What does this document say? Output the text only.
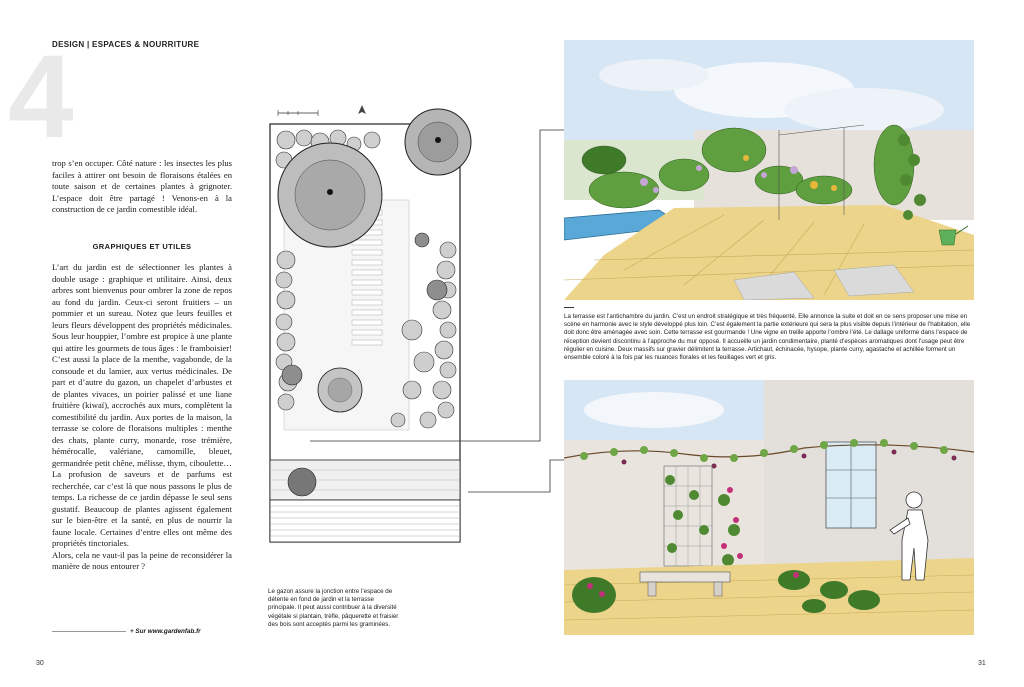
4
DESIGN | ESPACES & NOURRITURE

trop s’en occuper. Côté nature : les insectes les plus faciles à attirer ont besoin de floraisons étalées en toute saison et de certaines plantes à grignoter. L’espace doit être partagé ! Venons-en à la construction de ce jardin comestible idéal.

GRAPHIQUES ET UTILES

L’art du jardin est de sélectionner les plantes à double usage : graphique et utilitaire. Ainsi, deux arbres sont bienvenus pour ombrer la zone de repos au fond du jardin. Ceux-ci seront fruitiers – un pommier et un sureau. Notez que leurs feuilles et leurs fleurs développent des propriétés médicinales. Sous leur houppier, l’ombre est propice à une plante qui attire les gourmets de tous âges : le framboisier! C’est aussi la place de la menthe, vagabonde, de la consoude et du lamier, aux vertus médicinales. De part et d’autre du gazon, un chapelet d’arbustes et de plantes vivaces, un poirier palissé et une liane fruitière (kiwaï), accrochés aux murs, complètent la comestibilité du jardin. Aux portes de la maison, la terrasse se colore de floraisons multiples : menthe des chats, plante curry, monarde, rose trémière, hémérocalle, valériane, camomille, bleuet, germandrée petit chêne, mélisse, thym, ciboulette… La profusion de saveurs et de parfums est recherchée, car c’est là que nous passons le plus de temps. La richesse de ce jardin dépasse le seul sens gustatif. Beaucoup de plantes agissent également sur le bien-être et la santé, en plus de nourrir la faune locale. Certaines d’entre elles ont même des propriétés tinctoriales.

Alors, cela ne vaut-il pas la peine de reconsidérer la manière de nous entourer ?

+ Sur www.gardenfab.fr
30
Le gazon assure la jonction entre l’espace de détente en fond de jardin et la terrasse principale. Il peut aussi contribuer à la diversité végétale si plantain, trèfle, pâquerette et fraisier des bois sont acceptés parmi les graminées.
La terrasse est l’antichambre du jardin. C’est un endroit stratégique et très fréquenté. Elle annonce la suite et doit en ce sens proposer une mise en scène en harmonie avec le style développé plus loin. C’est également la partie extérieure qui sera la plus visible depuis l’intérieur de l’habitation, elle doit donc être aménagée avec soin. Cette terrasse est gourmande ! Une vigne en treille apporte l’ombre l’été. Le dallage uniforme dans l’espace de réception devient discontinu à l’approche du mur opposé. Il accueille un jardin condimentaire, planté d’espèces aromatiques dont l’usage peut être régulier en cuisine. Deux massifs sur gravier délimitent la terrasse. Artichaut, échinacée, hysope, plante curry, agastache et achillée forment un ensemble coloré à la fois par les nuances florales et les feuillages vert et gris.
31
